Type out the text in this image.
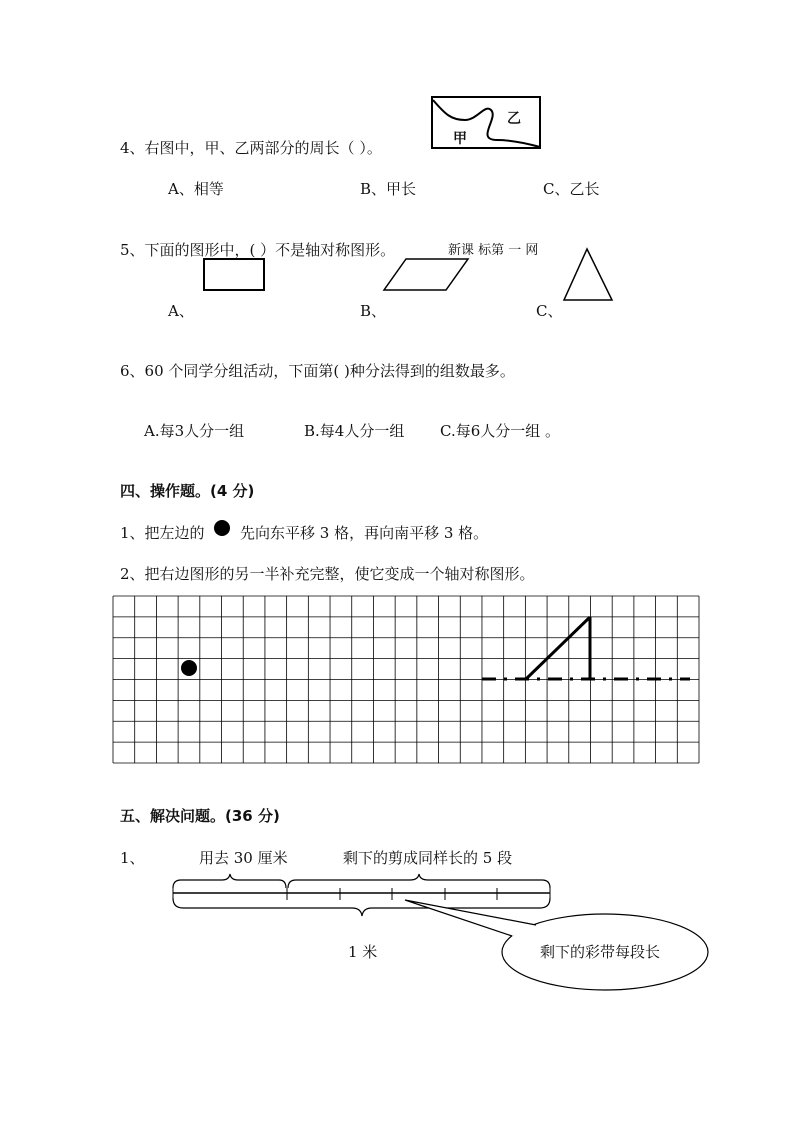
4、右图中，甲、乙两部分的周长（ ）。	甲
乙
A、相等	B、甲长	C、乙长
5、下面的图形中，( ）不是轴对称图形。	新课 标第 一 网
A、	B、	C、
6、60 个同学分组活动，下面第( )种分法得到的组数最多。
A.每3人分一组	B.每4人分一组 C.每6人分一组 。
四、操作题。(4 分)
1、把左边的 先向东平移 3 格，再向南平移 3 格。
2、把右边图形的另一半补充完整，使它变成一个轴对称图形。
五、解决问题。(36 分)
1、	用去 30 厘米	剩下的剪成同样长的 5 段
1 米	剩下的彩带每段长
